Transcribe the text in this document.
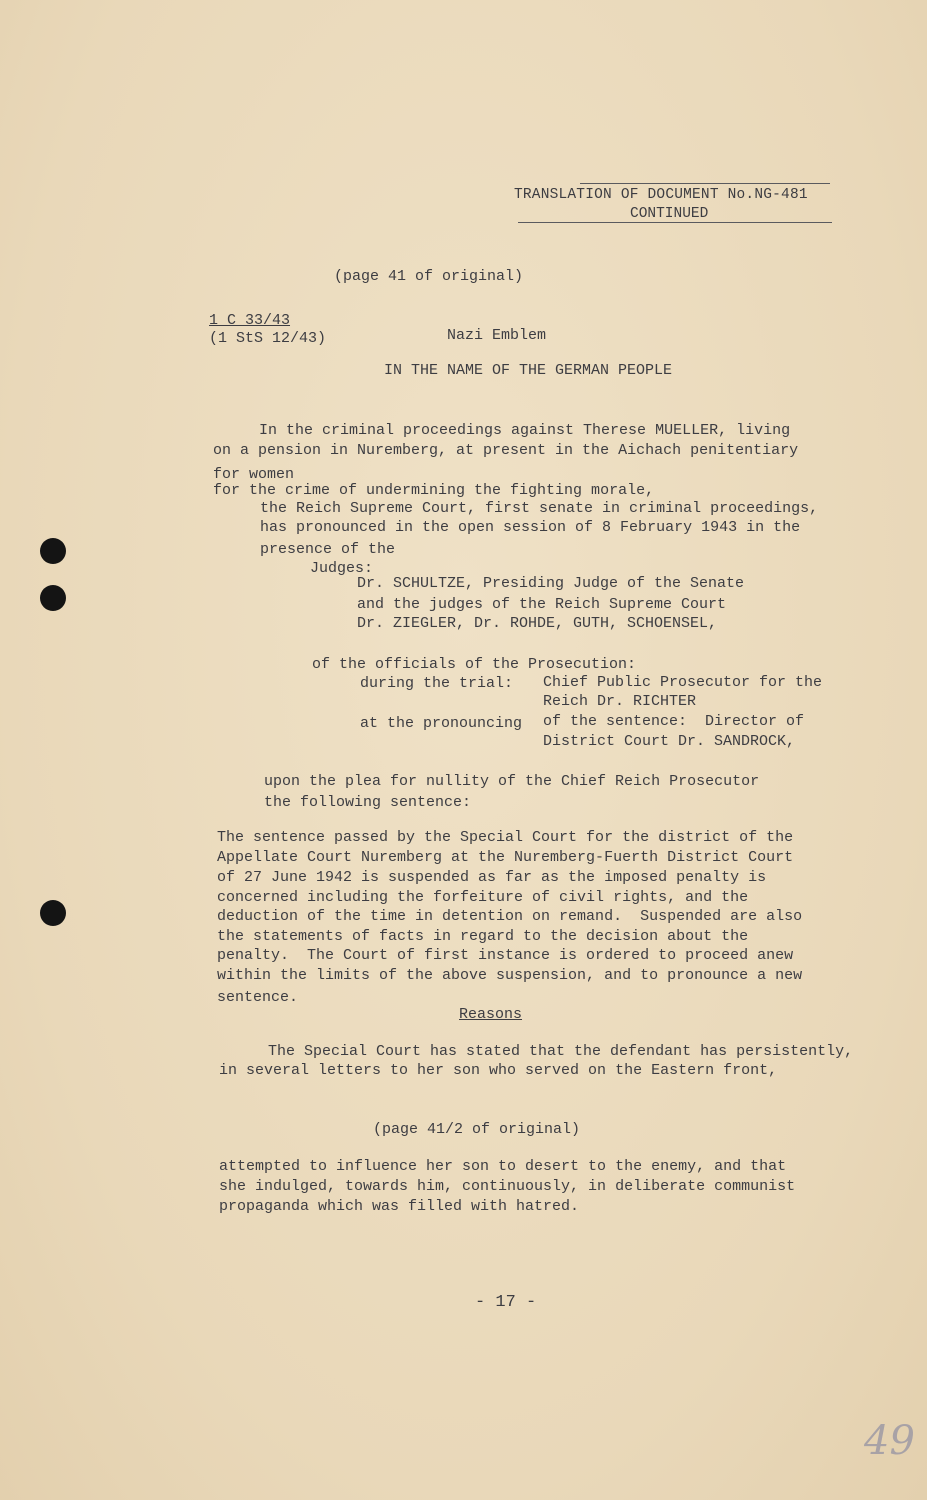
TRANSLATION OF DOCUMENT No.NG-481
CONTINUED
(page 41 of original)
1 C 33/43
(1 StS 12/43)	Nazi Emblem
IN THE NAME OF THE GERMAN PEOPLE
In the criminal proceedings against Therese MUELLER, living
on a pension in Nuremberg, at present in the Aichach penitentiary
for women
for the crime of undermining the fighting morale,
the Reich Supreme Court, first senate in criminal proceedings,
has pronounced in the open session of 8 February 1943 in the
presence of the
Judges:
Dr. SCHULTZE, Presiding Judge of the Senate
and the judges of the Reich Supreme Court
Dr. ZIEGLER, Dr. ROHDE, GUTH, SCHOENSEL,
of the officials of the Prosecution:
during the trial: Chief Public Prosecutor for the
Reich Dr. RICHTER
at the pronouncing of the sentence:  Director of
District Court Dr. SANDROCK,
upon the plea for nullity of the Chief Reich Prosecutor
the following sentence:
The sentence passed by the Special Court for the district of the
Appellate Court Nuremberg at the Nuremberg-Fuerth District Court
of 27 June 1942 is suspended as far as the imposed penalty is
concerned including the forfeiture of civil rights, and the
deduction of the time in detention on remand.  Suspended are also
the statements of facts in regard to the decision about the
penalty.  The Court of first instance is ordered to proceed anew
within the limits of the above suspension, and to pronounce a new
sentence.
Reasons
The Special Court has stated that the defendant has persistently,
in several letters to her son who served on the Eastern front,
(page 41/2 of original)
attempted to influence her son to desert to the enemy, and that
she indulged, towards him, continuously, in deliberate communist
propaganda which was filled with hatred.
- 17 -
49
